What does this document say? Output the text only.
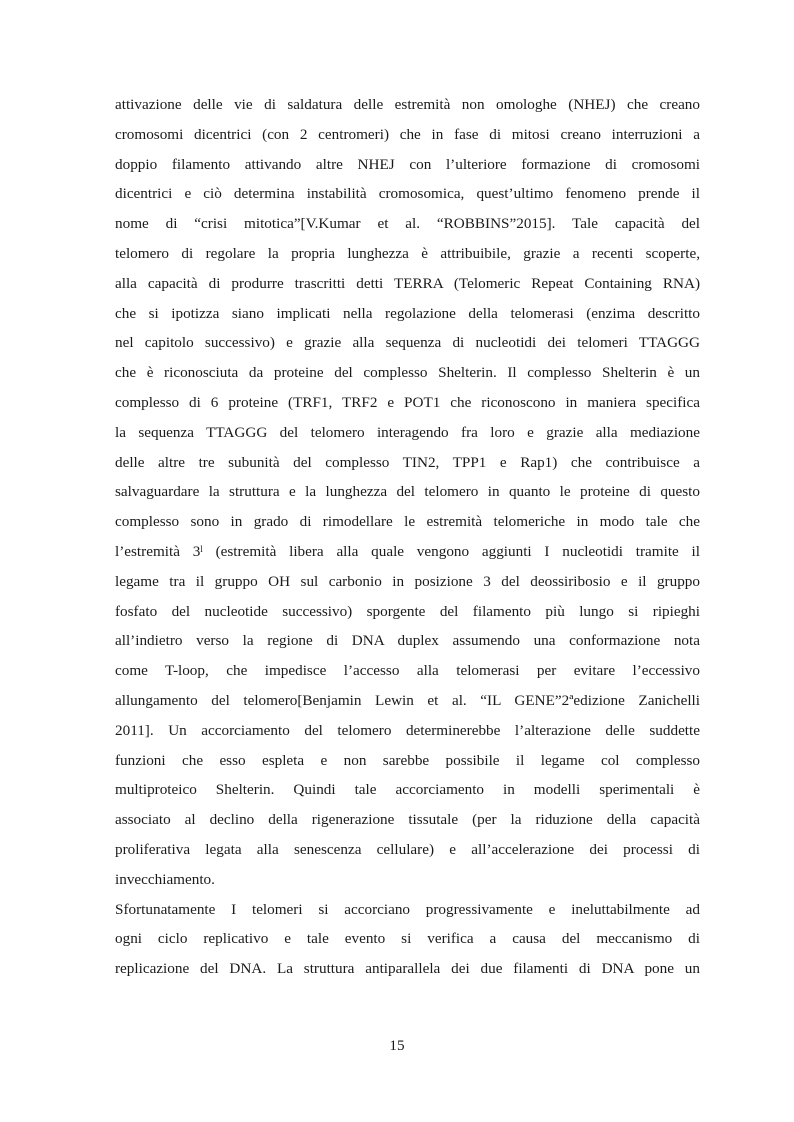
attivazione delle vie di saldatura delle estremità non omologhe (NHEJ) che creano
cromosomi dicentrici (con 2 centromeri) che in fase di mitosi creano interruzioni a
doppio filamento attivando altre NHEJ con l’ulteriore formazione di cromosomi
dicentrici e ciò determina instabilità cromosomica, quest’ultimo fenomeno prende il
nome di “crisi mitotica”[V.Kumar et al. “ROBBINS”2015]. Tale capacità del
telomero di regolare la propria lunghezza è attribuibile, grazie a recenti scoperte,
alla capacità di produrre trascritti detti TERRA (Telomeric Repeat Containing RNA)
che si ipotizza siano implicati nella regolazione della telomerasi (enzima descritto
nel capitolo successivo) e grazie alla sequenza di nucleotidi dei telomeri TTAGGG
che è riconosciuta da proteine del complesso Shelterin. Il complesso Shelterin è un
complesso di 6 proteine (TRF1, TRF2 e POT1 che riconoscono in maniera specifica
la sequenza TTAGGG del telomero interagendo fra loro e grazie alla mediazione
delle altre tre subunità del complesso TIN2, TPP1 e Rap1) che contribuisce a
salvaguardare la struttura e la lunghezza del telomero in quanto le proteine di questo
complesso sono in grado di rimodellare le estremità telomeriche in modo tale che
l’estremità 3ˡ (estremità libera alla quale vengono aggiunti I nucleotidi tramite il
legame tra il gruppo OH sul carbonio in posizione 3 del deossiribosio e il gruppo
fosfato del nucleotide successivo) sporgente del filamento più lungo si ripieghi
all’indietro verso la regione di DNA duplex assumendo una conformazione nota
come T-loop, che impedisce l’accesso alla telomerasi per evitare l’eccessivo
allungamento del telomero[Benjamin Lewin et al. “IL GENE”2ªedizione Zanichelli
2011]. Un accorciamento del telomero determinerebbe l’alterazione delle suddette
funzioni che esso espleta e non sarebbe possibile il legame col complesso
multiproteico Shelterin. Quindi tale accorciamento in modelli sperimentali è
associato al declino della rigenerazione tissutale (per la riduzione della capacità
proliferativa legata alla senescenza cellulare) e all’accelerazione dei processi di
invecchiamento.
Sfortunatamente I telomeri si accorciano progressivamente e ineluttabilmente ad
ogni ciclo replicativo e tale evento si verifica a causa del meccanismo di
replicazione del DNA. La struttura antiparallela dei due filamenti di DNA pone un
15
